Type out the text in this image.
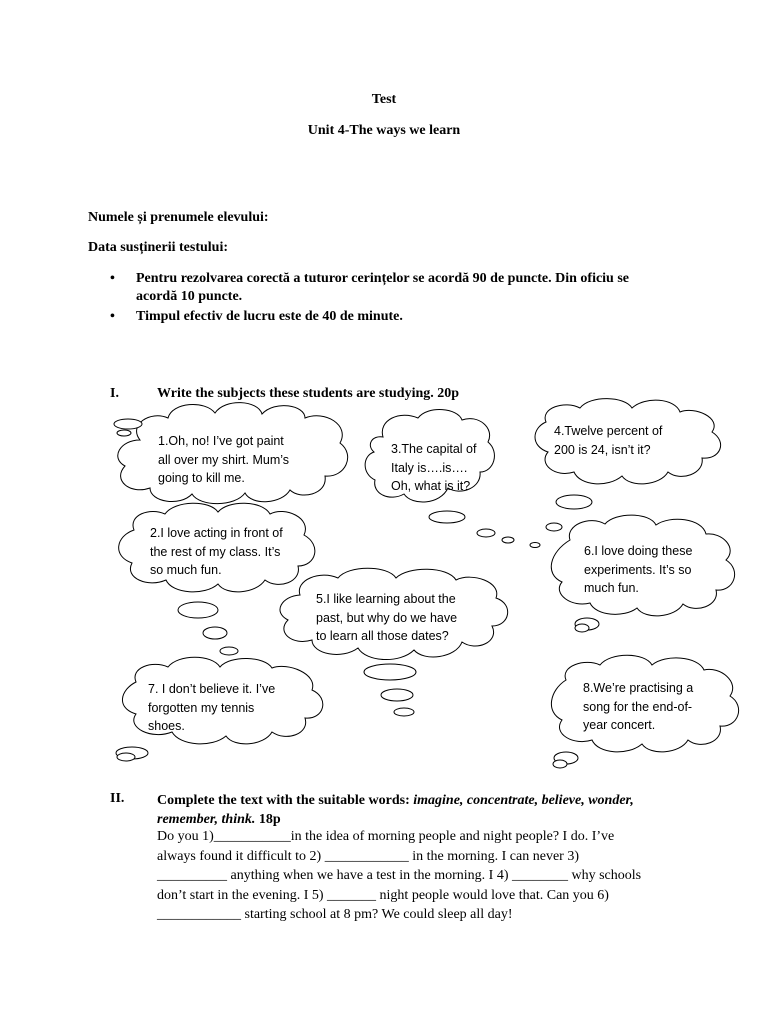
Test
Unit 4-The ways we learn
Numele și prenumele elevului:
Data susținerii testului:
• Pentru rezolvarea corectă a tuturor cerințelor se acordă 90 de puncte. Din oficiu se
acordă 10 puncte.
• Timpul efectiv de lucru este de 40 de minute.
I.	Write the subjects these students are studying. 20p
1.Oh, no! I’ve got paint
all over my shirt. Mum’s
going to kill me.
3.The capital of
Italy is….is….
Oh, what is it?
4.Twelve percent of
200 is 24, isn’t it?
2.I love acting in front of
the rest of my class. It’s
so much fun.
6.I love doing these
experiments. It’s so
much fun.
5.I like learning about the
past, but why do we have
to learn all those dates?
7. I don’t believe it. I’ve
forgotten my tennis
shoes.
8.We’re practising a
song for the end-of-
year concert.
II. Complete the text with the suitable words: imagine, concentrate, believe, wonder,
remember, think. 18p
Do you 1)___________in the idea of morning people and night people? I do. I’ve
always found it difficult to 2) ____________ in the morning. I can never 3)
__________ anything when we have a test in the morning. I 4) ________ why schools
don’t start in the evening. I 5) _______ night people would love that. Can you 6)
____________ starting school at 8 pm? We could sleep all day!
